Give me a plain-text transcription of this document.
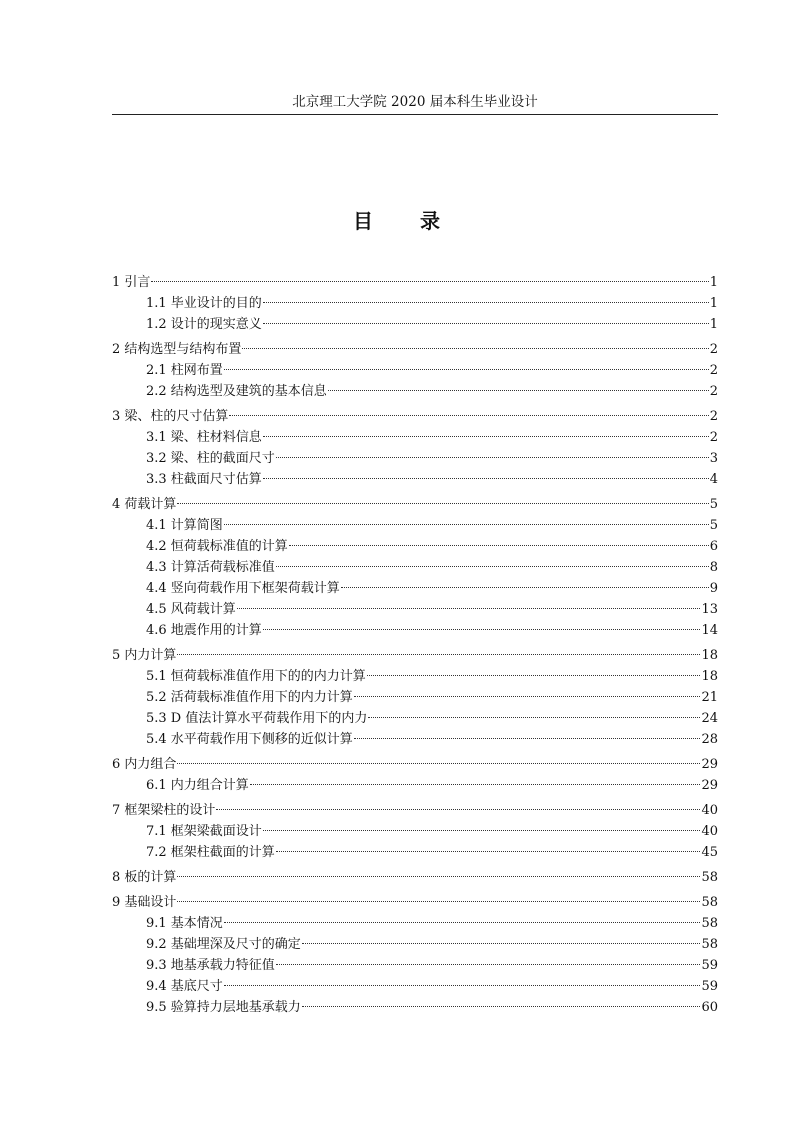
北京理工大学院 2020 届本科生毕业设计
目 录
1 引言	1
1.1 毕业设计的目的	1
1.2 设计的现实意义	1
2 结构选型与结构布置	2
2.1 柱网布置	2
2.2 结构选型及建筑的基本信息	2
3 梁、柱的尺寸估算	2
3.1 梁、柱材料信息	2
3.2 梁、柱的截面尺寸	3
3.3 柱截面尺寸估算	4
4 荷载计算	5
4.1 计算简图	5
4.2 恒荷载标准值的计算	6
4.3 计算活荷载标准值	8
4.4 竖向荷载作用下框架荷载计算	9
4.5 风荷载计算	13
4.6 地震作用的计算	14
5 内力计算	18
5.1 恒荷载标准值作用下的的内力计算	18
5.2 活荷载标准值作用下的内力计算	21
5.3 D 值法计算水平荷载作用下的内力	24
5.4 水平荷载作用下侧移的近似计算	28
6 内力组合	29
6.1 内力组合计算	29
7 框架梁柱的设计	40
7.1 框架梁截面设计	40
7.2 框架柱截面的计算	45
8 板的计算	58
9 基础设计	58
9.1 基本情况	58
9.2 基础埋深及尺寸的确定	58
9.3 地基承载力特征值	59
9.4 基底尺寸	59
9.5 验算持力层地基承载力	60
